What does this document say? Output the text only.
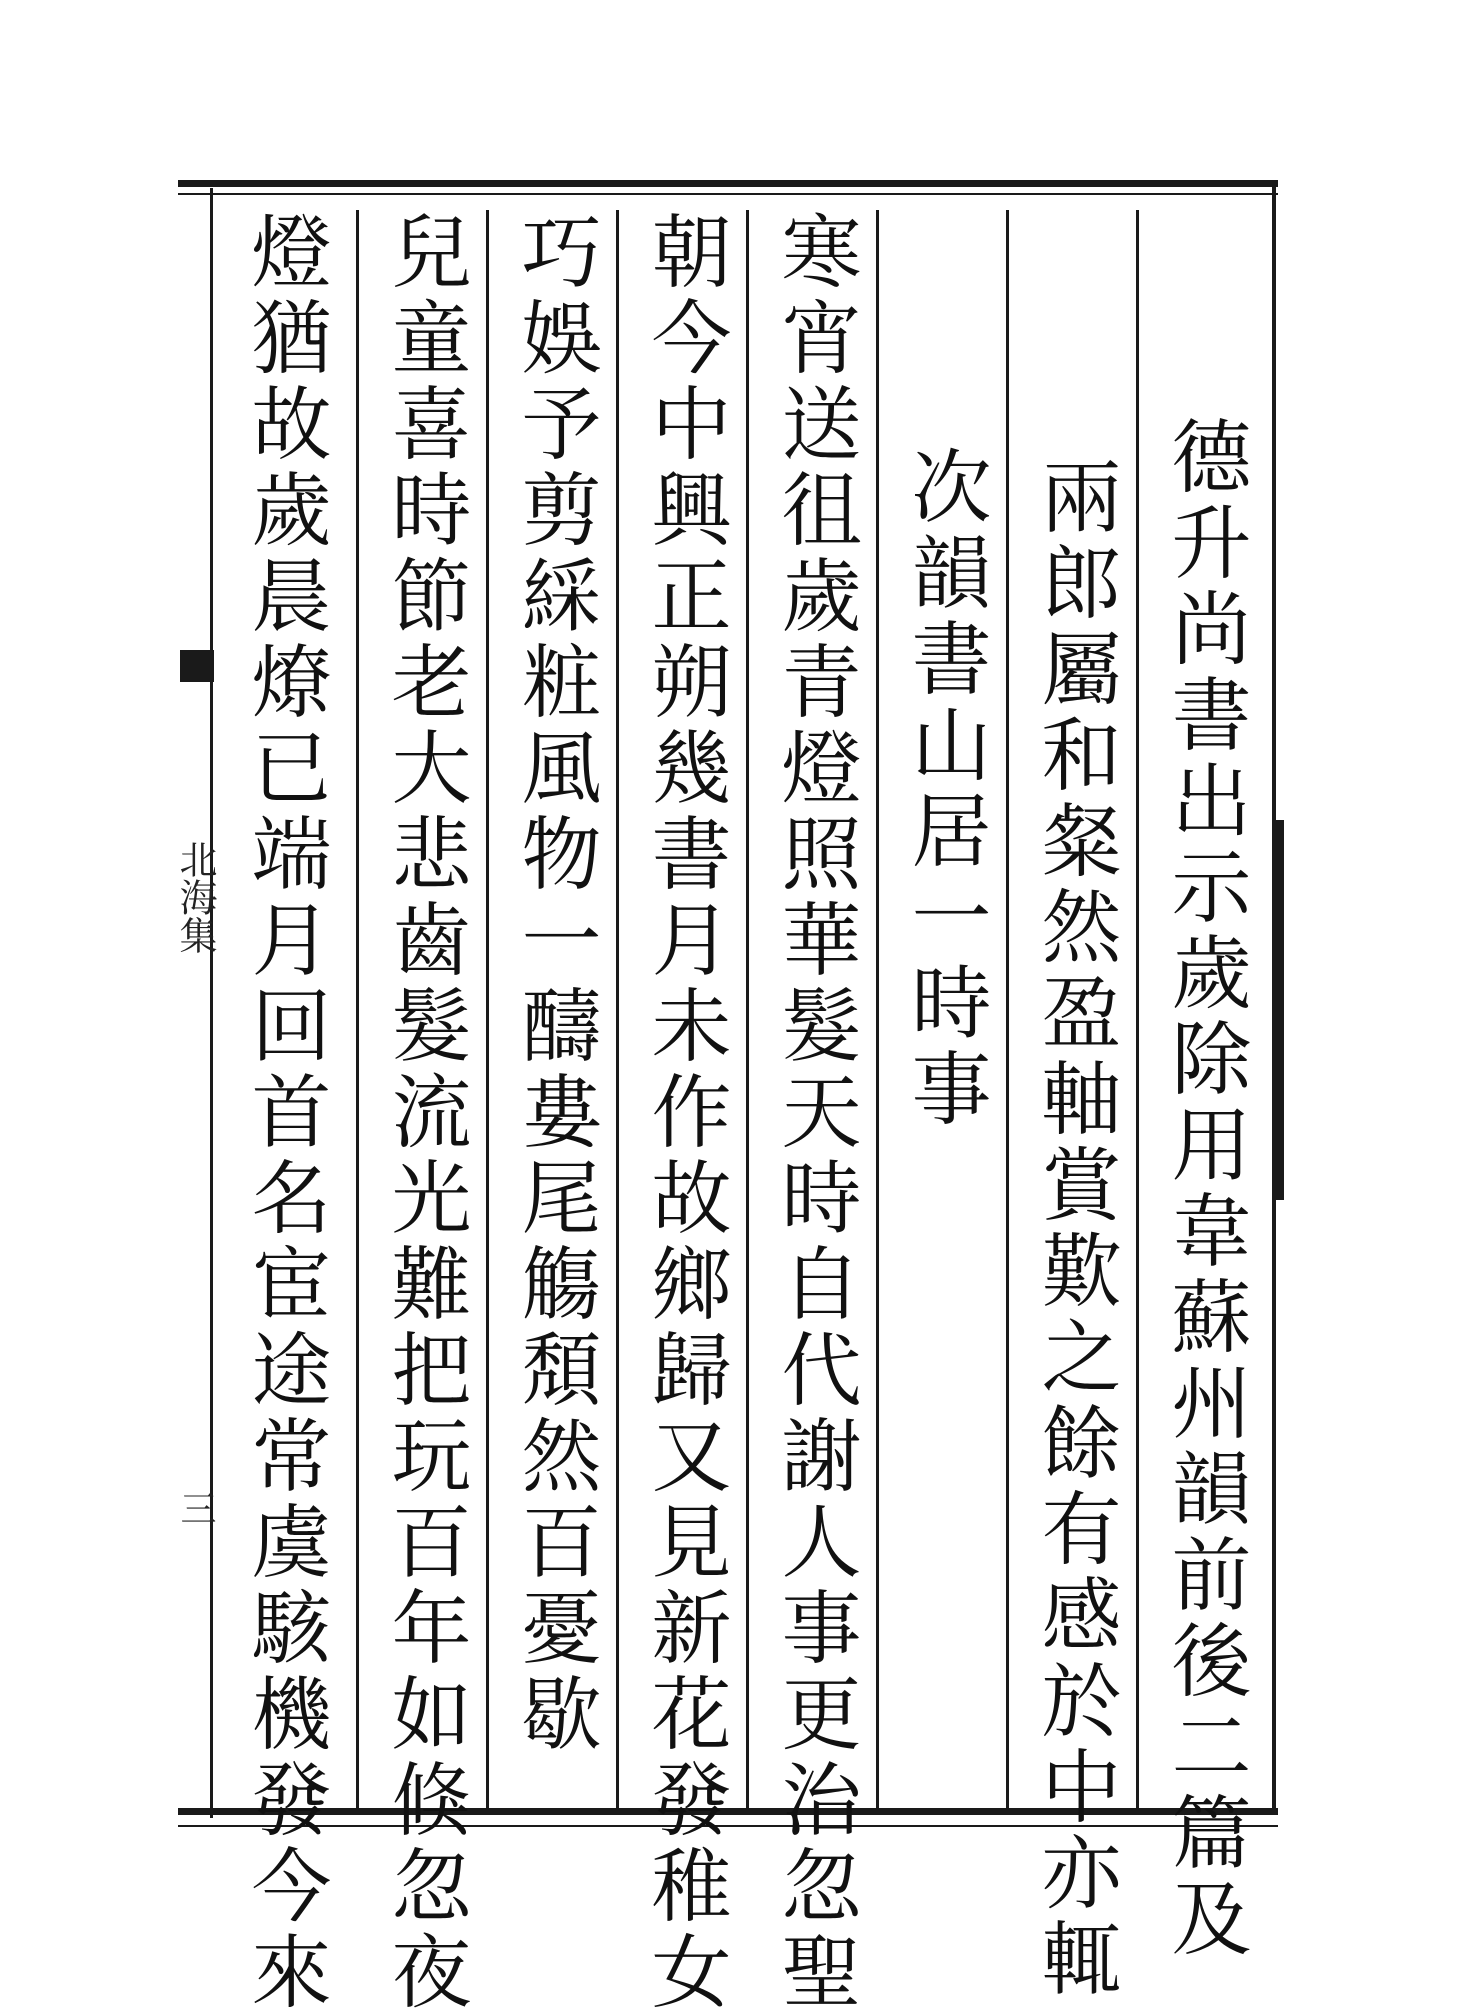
德升尚書出示歲除用韋蘇州韻前後二篇及
兩郎屬和粲然盈軸賞歎之餘有感於中亦輒
次韻書山居一時事
寒宵送徂歲青燈照華髮天時自代謝人事更治忽聖
朝今中興正朔幾書月未作故鄉歸又見新花發稚女
巧娛予剪綵粧風物一醻婁尾觴頽然百憂歇
兒童喜時節老大悲齒髮流光難把玩百年如倏忽夜
燈猶故歲晨燎已端月回首名宦途常虞駭機發今來
北海集
三
